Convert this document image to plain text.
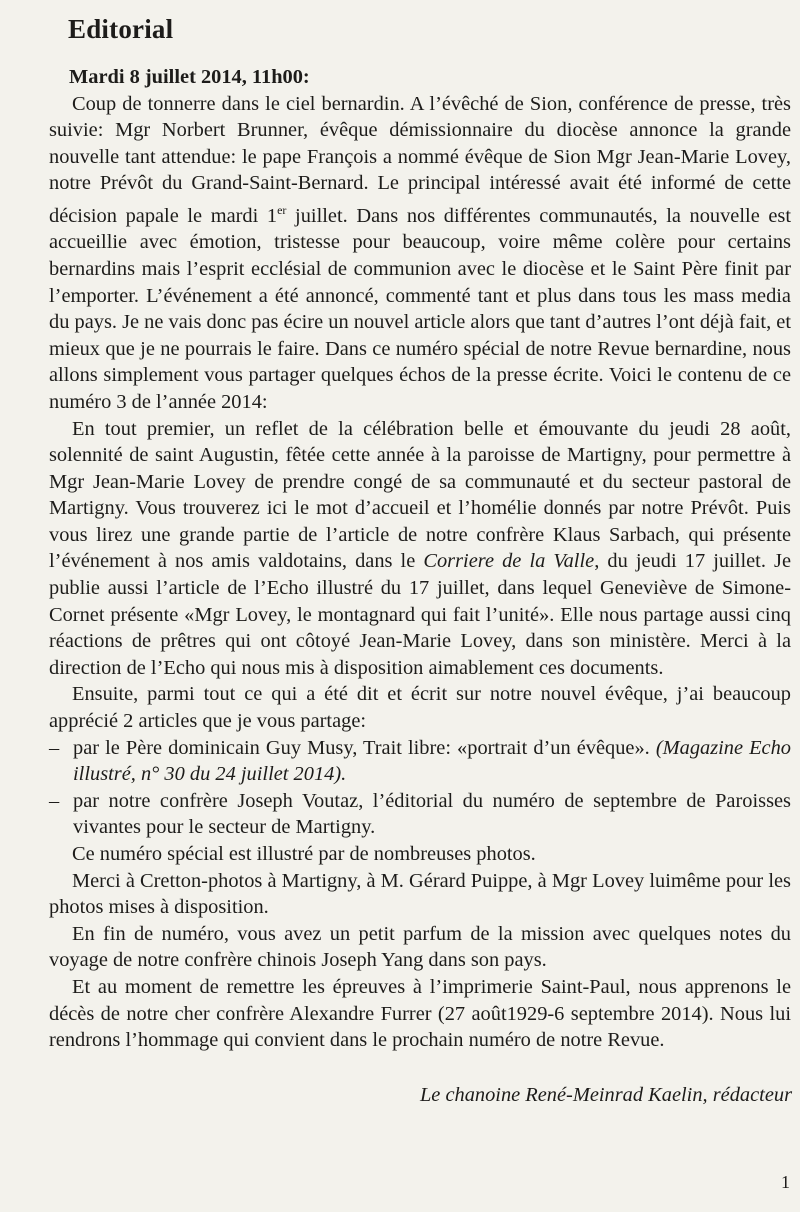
Editorial

Mardi 8 juillet 2014, 11h00:

Coup de tonnerre dans le ciel bernardin. A l’évêché de Sion, conférence de presse, très suivie: Mgr Norbert Brunner, évêque démissionnaire du diocèse annonce la grande nouvelle tant attendue: le pape François a nommé évêque de Sion Mgr Jean-Marie Lovey, notre Prévôt du Grand-Saint-Bernard. Le principal intéressé avait été informé de cette décision papale le mardi 1er juillet. Dans nos différentes communautés, la nouvelle est accueillie avec émotion, tristesse pour beaucoup, voire même colère pour certains bernardins mais l’esprit ecclésial de communion avec le diocèse et le Saint Père finit par l’emporter. L’événement a été annoncé, commenté tant et plus dans tous les mass media du pays. Je ne vais donc pas écire un nouvel article alors que tant d’autres l’ont déjà fait, et mieux que je ne pourrais le faire. Dans ce numéro spécial de notre Revue bernardine, nous allons simplement vous partager quelques échos de la presse écrite. Voici le contenu de ce numéro 3 de l’année 2014:

En tout premier, un reflet de la célébration belle et émouvante du jeudi 28 août, solennité de saint Augustin, fêtée cette année à la paroisse de Martigny, pour permettre à Mgr Jean-Marie Lovey de prendre congé de sa communauté et du secteur pastoral de Martigny. Vous trouverez ici le mot d’accueil et l’homélie donnés par notre Prévôt. Puis vous lirez une grande partie de l’article de notre confrère Klaus Sarbach, qui présente l’événement à nos amis valdotains, dans le Corriere de la Valle, du jeudi 17 juillet. Je publie aussi l’article de l’Echo illustré du 17 juillet, dans lequel Geneviève de Simone-Cornet présente «Mgr Lovey, le montagnard qui fait l’unité». Elle nous partage aussi cinq réactions de prêtres qui ont côtoyé Jean-Marie Lovey, dans son ministère. Merci à la direction de l’Echo qui nous mis à disposition aimablement ces documents.

Ensuite, parmi tout ce qui a été dit et écrit sur notre nouvel évêque, j’ai beaucoup apprécié 2 articles que je vous partage:

– par le Père dominicain Guy Musy, Trait libre: «portrait d’un évêque». (Magazine Echo illustré, n° 30 du 24 juillet 2014).

– par notre confrère Joseph Voutaz, l’éditorial du numéro de septembre de Paroisses vivantes pour le secteur de Martigny.

Ce numéro spécial est illustré par de nombreuses photos.

Merci à Cretton-photos à Martigny, à M. Gérard Puippe, à Mgr Lovey luimême pour les photos mises à disposition.

En fin de numéro, vous avez un petit parfum de la mission avec quelques notes du voyage de notre confrère chinois Joseph Yang dans son pays.

Et au moment de remettre les épreuves à l’imprimerie Saint-Paul, nous apprenons le décès de notre cher confrère Alexandre Furrer (27 août1929-6 septembre 2014). Nous lui rendrons l’hommage qui convient dans le prochain numéro de notre Revue.

Le chanoine René-Meinrad Kaelin, rédacteur
1
